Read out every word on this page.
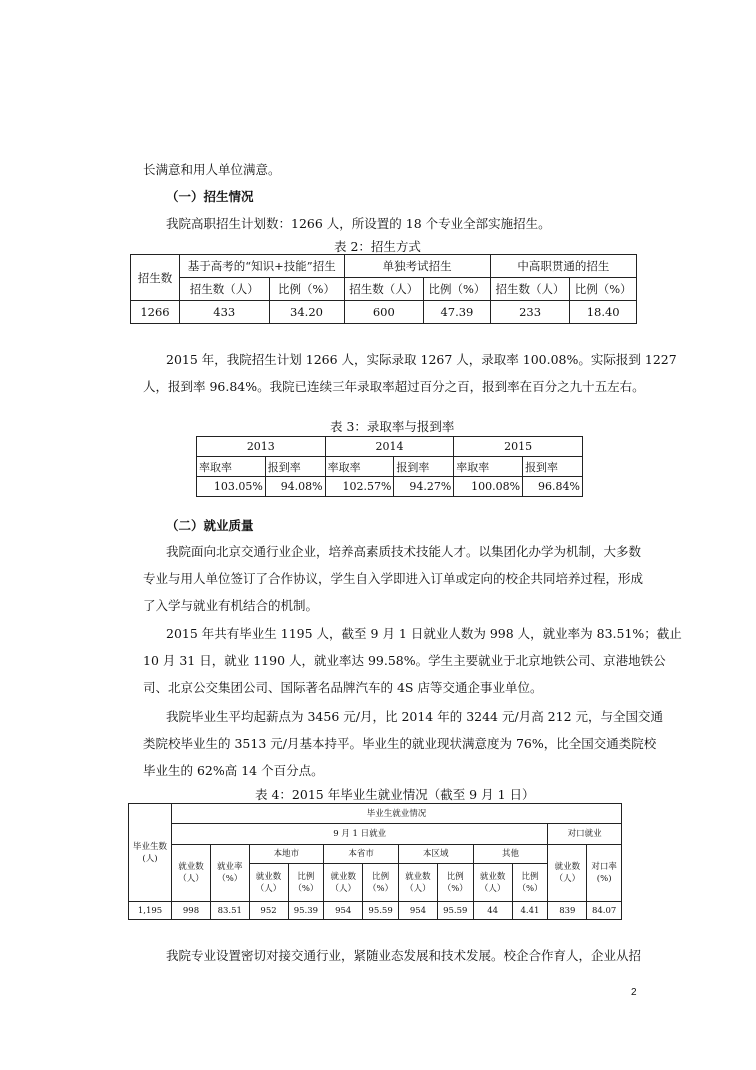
长满意和用人单位满意。

（一）招生情况

我院高职招生计划数：1266 人，所设置的 18 个专业全部实施招生。

表 2：招生方式
招生数	基于高考的“知识+技能”招生		单独考试招生		中高职贯通的招生	
	招生数（人）	比例（%）	招生数（人）	比例（%）	招生数（人）	比例（%）
1266	433	34.20	600	47.39	233	18.40

2015 年，我院招生计划 1266 人，实际录取 1267 人，录取率 100.08%。实际报到 1227

人，报到率 96.84%。我院已连续三年录取率超过百分之百，报到率在百分之九十五左右。

表 3：录取率与报到率
2013		2014		2015	
率取率	报到率	率取率	报到率	率取率	报到率
103.05%	94.08%	102.57%	94.27%	100.08%	96.84%
（二）就业质量

我院面向北京交通行业企业，培养高素质技术技能人才。以集团化办学为机制，大多数

专业与用人单位签订了合作协议，学生自入学即进入订单或定向的校企共同培养过程，形成

了入学与就业有机结合的机制。

2015 年共有毕业生 1195 人，截至 9 月 1 日就业人数为 998 人，就业率为 83.51%；截止

10 月 31 日，就业 1190 人，就业率达 99.58%。学生主要就业于北京地铁公司、京港地铁公

司、北京公交集团公司、国际著名品牌汽车的 4S 店等交通企事业单位。

我院毕业生平均起薪点为 3456 元/月，比 2014 年的 3244 元/月高 212 元，与全国交通

类院校毕业生的 3513 元/月基本持平。毕业生的就业现状满意度为 76%，比全国交通类院校

毕业生的 62%高 14 个百分点。

表 4：2015 年毕业生就业情况（截至 9 月 1 日）
毕业生数(人)	毕业生就业情况											
	9 月 1 日就业										对口就业	
	就业数（人）	就业率（%）	本地市		本省市		本区域		其他		就业数（人）	对口率(%)
			就业数（人）	比例（%）	就业数（人）	比例（%）	就业数（人）	比例（%）	就业数（人）	比例（%）		
1,195	998	83.51	952	95.39	954	95.59	954	95.59	44	4.41	839	84.07

我院专业设置密切对接交通行业，紧随业态发展和技术发展。校企合作育人，企业从招

2
